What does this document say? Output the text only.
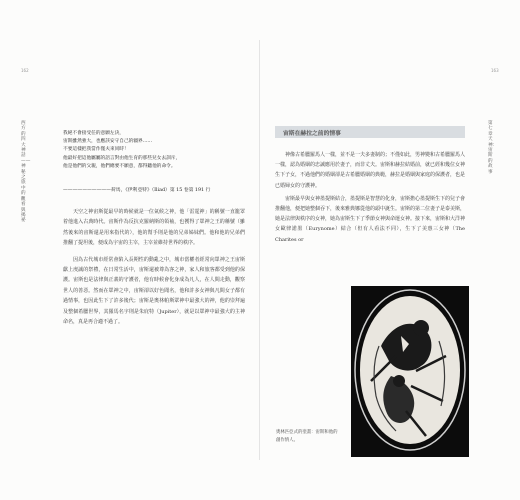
162
西方的四大神話——神秘之旅中的觀看與揭祕
我絕不會接受任的意願左決，
宙斯雖然強大，也應該安守自己的疆界……
不要這樣把我當作僅夫來同時！
他最好把這他屬屬的語言對由他生育的那些兒女去訓斥，
他是他們的父親，他們總要不願意，都得聽他的命令。
——————————荷馬，《伊利亞特》（Iliad）第 15 卷第 191 行

天空之神宙斯從最早的時候就是一位氣候之神，他「雷霆神」的稱號一直籠罩着他進入古典時代。宙斯作為反抗克羅納斯的領袖，也獲得了眾神之王的稱號（雖然後來的宙斯還是用來指代的），他的幫手則是他的兄弟姊妹們。他和他的兄弟們推翻了提坦後，便成為宇宙的主宰，主宰並維持世界的秩序。

因為古代城市經常會陷入長期性的動亂之中，城市當權者經常向眾神之王宙斯獻上虔誠的祭禮，在日常生活中，宙斯還被尊為客之神，家人和旅客都受到他的保護。宙斯也是法律與正義的守護者，他有時候會化身成為凡人，在人間走動，觀察世人的善惡。然而在眾神之中，宙斯卻以好色聞名，他和許多女神與凡間女子都有過情事，也因此生下了許多後代；宙斯是奧林帕斯眾神中最強大的神，他的崇拜遍及整個希臘世界，其羅馬名字則是朱庇特（Jupiter），就是以眾神中最強大的主神命名，真是再合適不過了。

163
第七章 天神：宙斯的故事
宙斯在赫拉之前的情事

神像古希臘羅馬人一樣，並不是一夫多妻制的；不僅如此，男神變和古希臘羅馬人一樣，認為婚姻的忠誠應用於妻子，而非丈夫。宙斯和赫拉結婚前，就已經和幾位女神生下子女，不過他們的婚姻卻是古希臘婚姻的典範，赫拉是婚姻與家庭的保護者，也是已婚婦女的守護神。

宙斯最早與女神墨提斯結合，墨提斯是智慧的化身，宙斯擔心墨提斯生下的兒子會推翻他，便把她整個吞下，後來雅典娜從他的頭中誕生。宙斯的第二位妻子是泰美斯，她是法律與秩序的女神，她為宙斯生下了季節女神與命運女神。接下來，宙斯和大洋神女歐律諾墨（Eurynome）結合（但有人看法不同），生下了美惠三女神（The Charites or

奧林匹亞式的塗畫：宙斯和他的創作情人。
